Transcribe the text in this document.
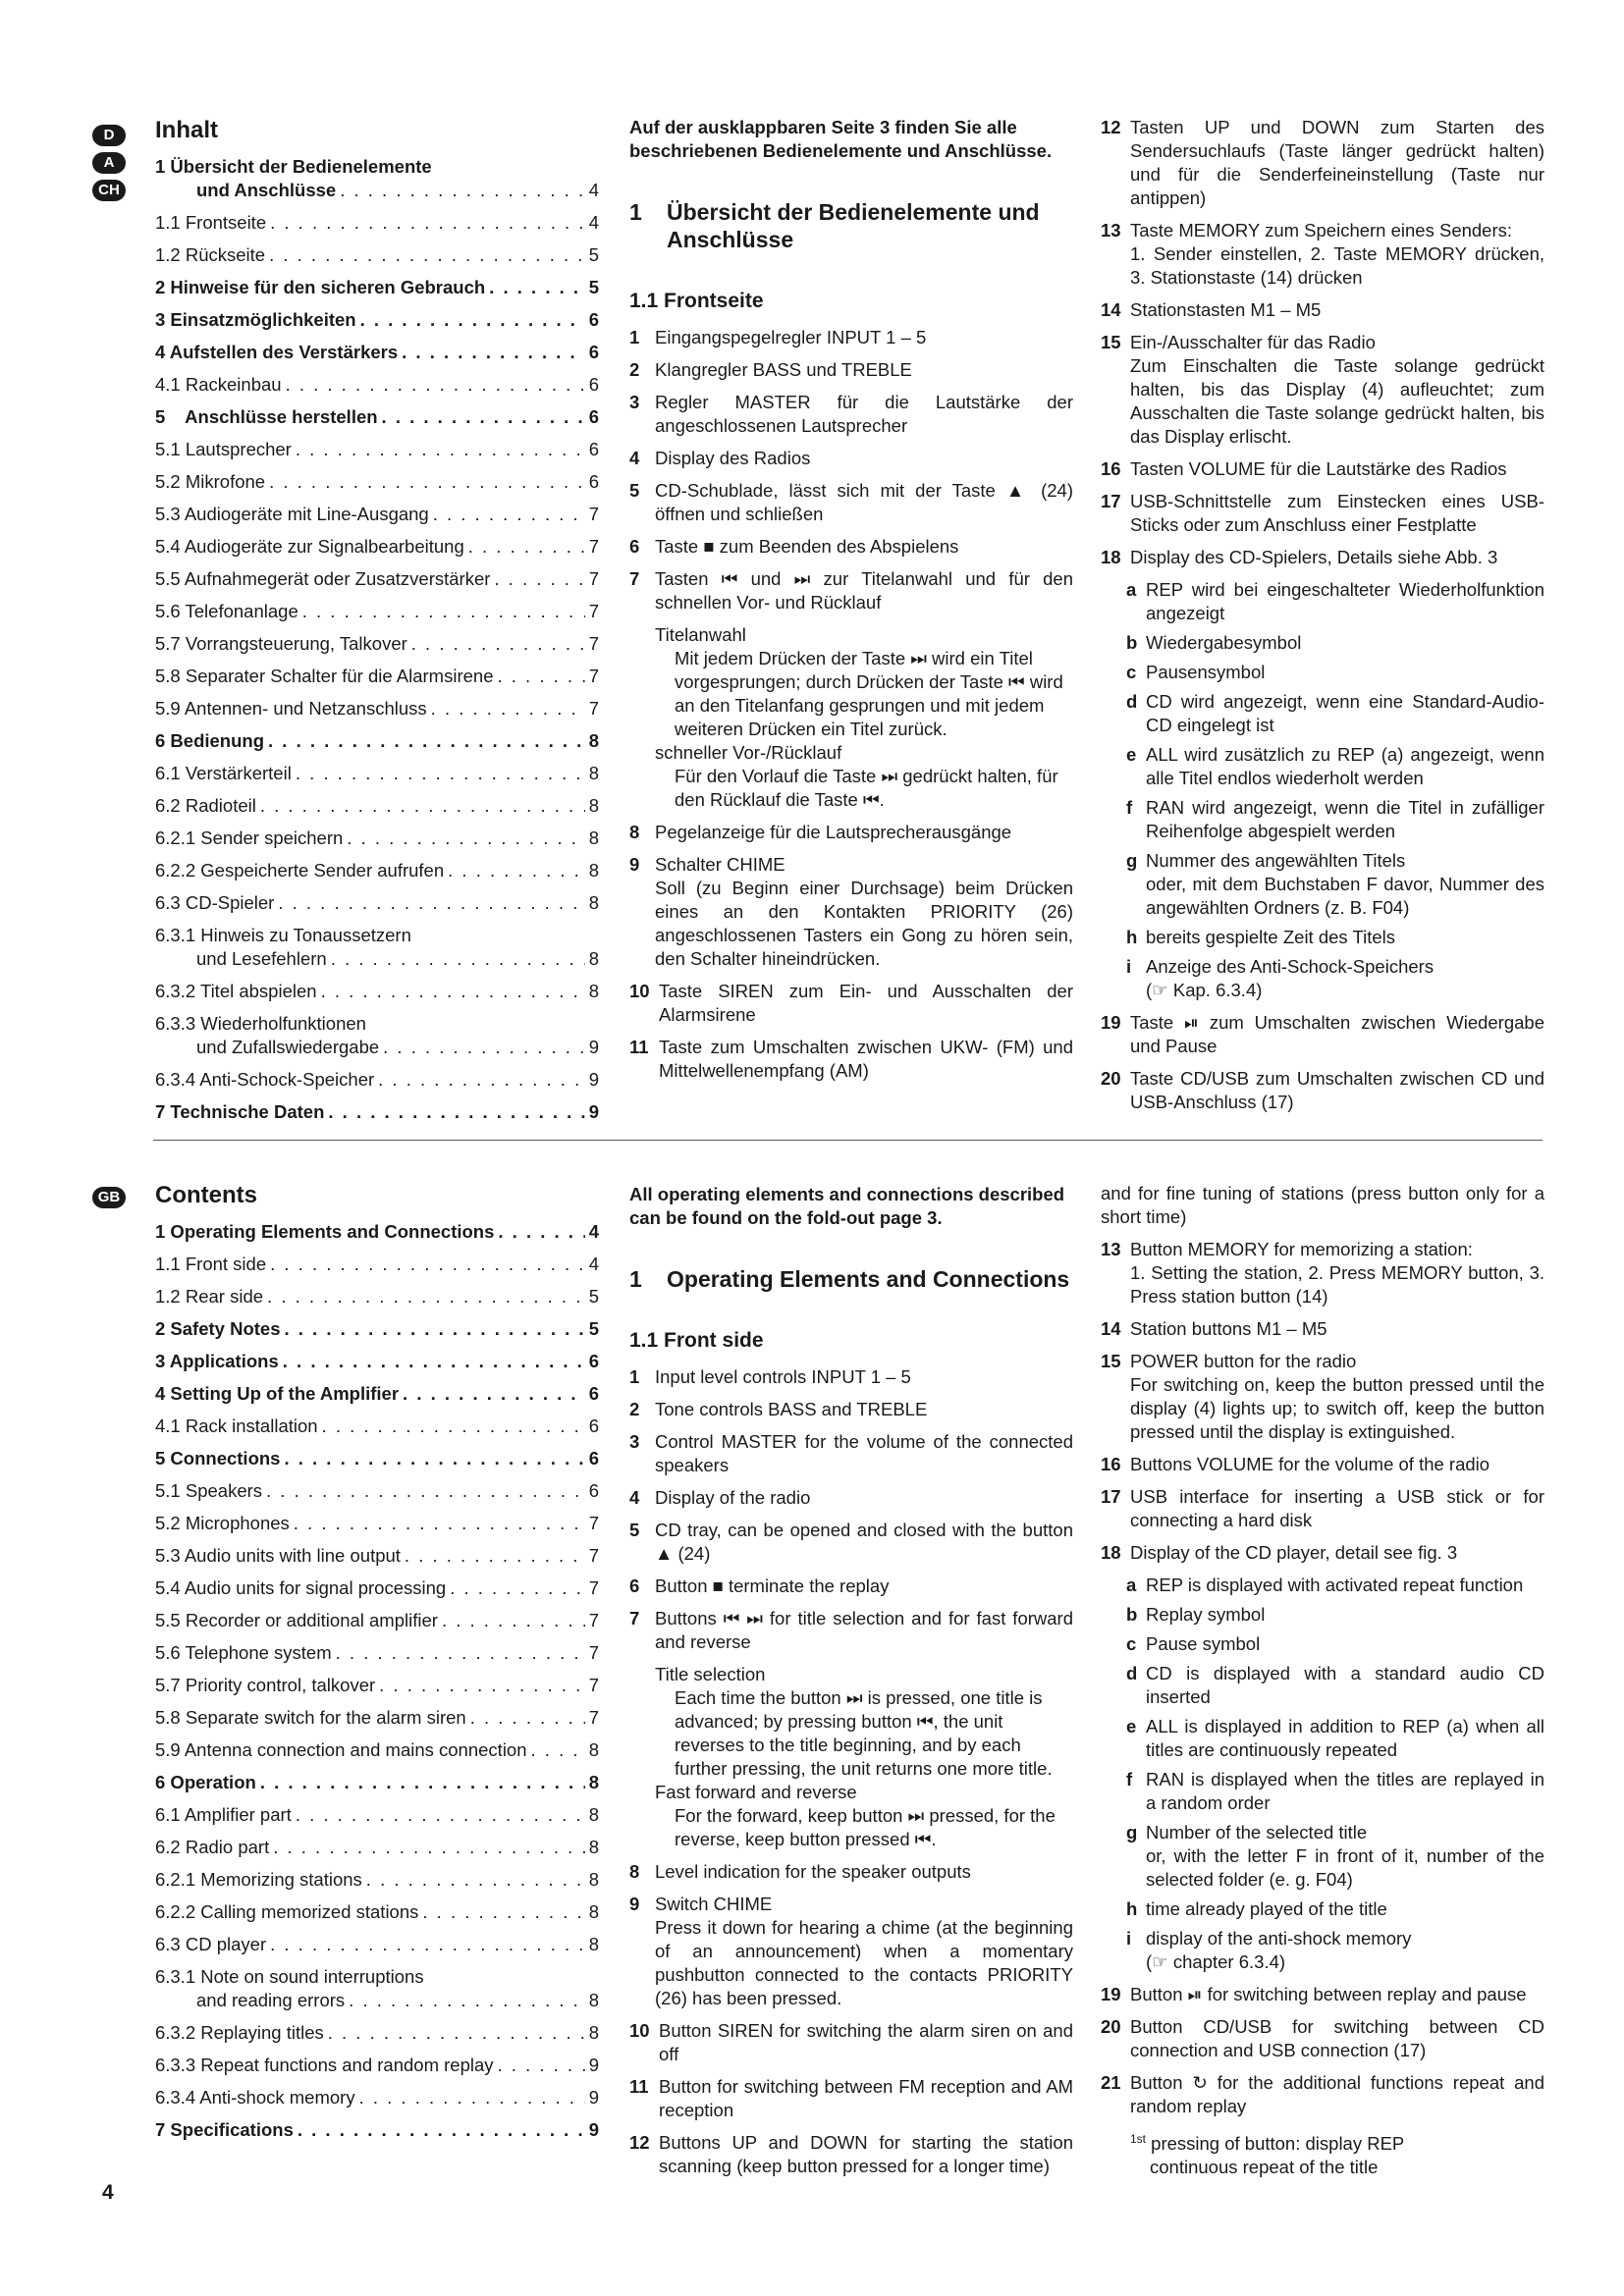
D
A
CH
Inhalt
1 Übersicht der Bedienelemente
und Anschlüsse . . .	4
1.1 Frontseite . . .	4
1.2 Rückseite . . .	5
2 Hinweise für den sicheren Gebrauch . . .	5
3 Einsatzmöglichkeiten . . .	6
4 Aufstellen des Verstärkers . . .	6
4.1 Rackeinbau . . .	6
5    Anschlüsse herstellen . . .	6
5.1 Lautsprecher . . .	6
5.2 Mikrofone . . .	6
5.3 Audiogeräte mit Line-Ausgang . . .	7
5.4 Audiogeräte zur Signalbearbeitung . . .	7
5.5 Aufnahmegerät oder Zusatzverstärker . . .	7
5.6 Telefonanlage . . .	7
5.7 Vorrangsteuerung, Talkover . . .	7
5.8 Separater Schalter für die Alarmsirene . . .	7
5.9 Antennen- und Netzanschluss . . .	7
6 Bedienung . . .	8
6.1 Verstärkerteil . . .	8
6.2 Radioteil . . .	8
6.2.1 Sender speichern . . .	8
6.2.2 Gespeicherte Sender aufrufen . . .	8
6.3 CD-Spieler . . .	8
6.3.1 Hinweis zu Tonaussetzern
und Lesefehlern . . .	8
6.3.2 Titel abspielen . . .	8
6.3.3 Wiederholfunktionen
und Zufallswiedergabe . . .	9
6.3.4 Anti-Schock-Speicher . . .	9
7 Technische Daten . . .	9
Auf der ausklappbaren Seite 3 finden Sie alle beschriebenen Bedienelemente und Anschlüsse.
1	Übersicht der Bedienelemente und Anschlüsse
1.1 Frontseite
1 Eingangspegelregler INPUT 1 – 5
2 Klangregler BASS und TREBLE
3 Regler MASTER für die Lautstärke der angeschlossenen Lautsprecher
4 Display des Radios
5 CD-Schublade, lässt sich mit der Taste ▲ (24) öffnen und schließen
6 Taste ■ zum Beenden des Abspielens
7 Tasten ⏮ und ⏭ zur Titelanwahl und für den schnellen Vor- und Rücklauf
Titelanwahl
Mit jedem Drücken der Taste ⏭ wird ein Titel vorgesprungen; durch Drücken der Taste ⏮ wird an den Titelanfang gesprungen und mit jedem weiteren Drücken ein Titel zurück.
schneller Vor-/Rücklauf
Für den Vorlauf die Taste ⏭ gedrückt halten, für den Rücklauf die Taste ⏮.
8 Pegelanzeige für die Lautsprecherausgänge
9 Schalter CHIME
Soll (zu Beginn einer Durchsage) beim Drücken eines an den Kontakten PRIORITY (26) angeschlossenen Tasters ein Gong zu hören sein, den Schalter hineindrücken.
10 Taste SIREN zum Ein- und Ausschalten der Alarmsirene
11 Taste zum Umschalten zwischen UKW- (FM) und Mittelwellenempfang (AM)
12 Tasten UP und DOWN zum Starten des Sendersuchlaufs (Taste länger gedrückt halten) und für die Senderfeineinstellung (Taste nur antippen)
13 Taste MEMORY zum Speichern eines Senders:
1. Sender einstellen, 2. Taste MEMORY drücken, 3. Stationstaste (14) drücken
14 Stationstasten M1 – M5
15 Ein-/Ausschalter für das Radio
Zum Einschalten die Taste solange gedrückt halten, bis das Display (4) aufleuchtet; zum Ausschalten die Taste solange gedrückt halten, bis das Display erlischt.
16 Tasten VOLUME für die Lautstärke des Radios
17 USB-Schnittstelle zum Einstecken eines USB-Sticks oder zum Anschluss einer Festplatte
18 Display des CD-Spielers, Details siehe Abb. 3
a REP wird bei eingeschalteter Wiederholfunktion angezeigt
b Wiedergabesymbol
c Pausensymbol
d CD wird angezeigt, wenn eine Standard-Audio-CD eingelegt ist
e ALL wird zusätzlich zu REP (a) angezeigt, wenn alle Titel endlos wiederholt werden
f RAN wird angezeigt, wenn die Titel in zufälliger Reihenfolge abgespielt werden
g Nummer des angewählten Titels
oder, mit dem Buchstaben F davor, Nummer des angewählten Ordners (z. B. F04)
h bereits gespielte Zeit des Titels
i Anzeige des Anti-Schock-Speichers
(☞ Kap. 6.3.4)
19 Taste ⏯ zum Umschalten zwischen Wiedergabe und Pause
20 Taste CD/USB zum Umschalten zwischen CD und USB-Anschluss (17)
GB Contents
1 Operating Elements and Connections . . .	4
1.1 Front side . . .	4
1.2 Rear side . . .	5
2 Safety Notes . . .	5
3 Applications . . .	6
4 Setting Up of the Amplifier . . .	6
4.1 Rack installation . . .	6
5 Connections . . .	6
5.1 Speakers . . .	6
5.2 Microphones . . .	7
5.3 Audio units with line output . . .	7
5.4 Audio units for signal processing . . .	7
5.5 Recorder or additional amplifier . . .	7
5.6 Telephone system . . .	7
5.7 Priority control, talkover . . .	7
5.8 Separate switch for the alarm siren . . .	7
5.9 Antenna connection and mains connection . . .	8
6 Operation . . .	8
6.1 Amplifier part . . .	8
6.2 Radio part . . .	8
6.2.1 Memorizing stations . . .	8
6.2.2 Calling memorized stations . . .	8
6.3 CD player . . .	8
6.3.1 Note on sound interruptions
and reading errors . . .	8
6.3.2 Replaying titles . . .	8
6.3.3 Repeat functions and random replay . . .	9
6.3.4 Anti-shock memory . . .	9
7 Specifications . . .	9
All operating elements and connections described can be found on the fold-out page 3.
1	Operating Elements and Connections
1.1 Front side
1 Input level controls INPUT 1 – 5
2 Tone controls BASS and TREBLE
3 Control MASTER for the volume of the connected speakers
4 Display of the radio
5 CD tray, can be opened and closed with the button ▲ (24)
6 Button ■ terminate the replay
7 Buttons ⏮ ⏭ for title selection and for fast forward and reverse
Title selection
Each time the button ⏭ is pressed, one title is advanced; by pressing button ⏮, the unit reverses to the title beginning, and by each further pressing, the unit returns one more title.
Fast forward and reverse
For the forward, keep button ⏭ pressed, for the reverse, keep button pressed ⏮.
8 Level indication for the speaker outputs
9 Switch CHIME
Press it down for hearing a chime (at the beginning of an announcement) when a momentary pushbutton connected to the contacts PRIORITY (26) has been pressed.
10 Button SIREN for switching the alarm siren on and off
11 Button for switching between FM reception and AM reception
12 Buttons UP and DOWN for starting the station scanning (keep button pressed for a longer time)
and for fine tuning of stations (press button only for a short time)
13 Button MEMORY for memorizing a station:
1. Setting the station, 2. Press MEMORY button, 3. Press station button (14)
14 Station buttons M1 – M5
15 POWER button for the radio
For switching on, keep the button pressed until the display (4) lights up; to switch off, keep the button pressed until the display is extinguished.
16 Buttons VOLUME for the volume of the radio
17 USB interface for inserting a USB stick or for connecting a hard disk
18 Display of the CD player, detail see fig. 3
a REP is displayed with activated repeat function
b Replay symbol
c Pause symbol
d CD is displayed with a standard audio CD inserted
e ALL is displayed in addition to REP (a) when all titles are continuously repeated
f RAN is displayed when the titles are replayed in a random order
g Number of the selected title
or, with the letter F in front of it, number of the selected folder (e. g. F04)
h time already played of the title
i display of the anti-shock memory
(☞ chapter 6.3.4)
19 Button ⏯ for switching between replay and pause
20 Button CD/USB for switching between CD connection and USB connection (17)
21 Button ↻ for the additional functions repeat and random replay
$^{1st}$ pressing of button: display REP
continuous repeat of the title
4
